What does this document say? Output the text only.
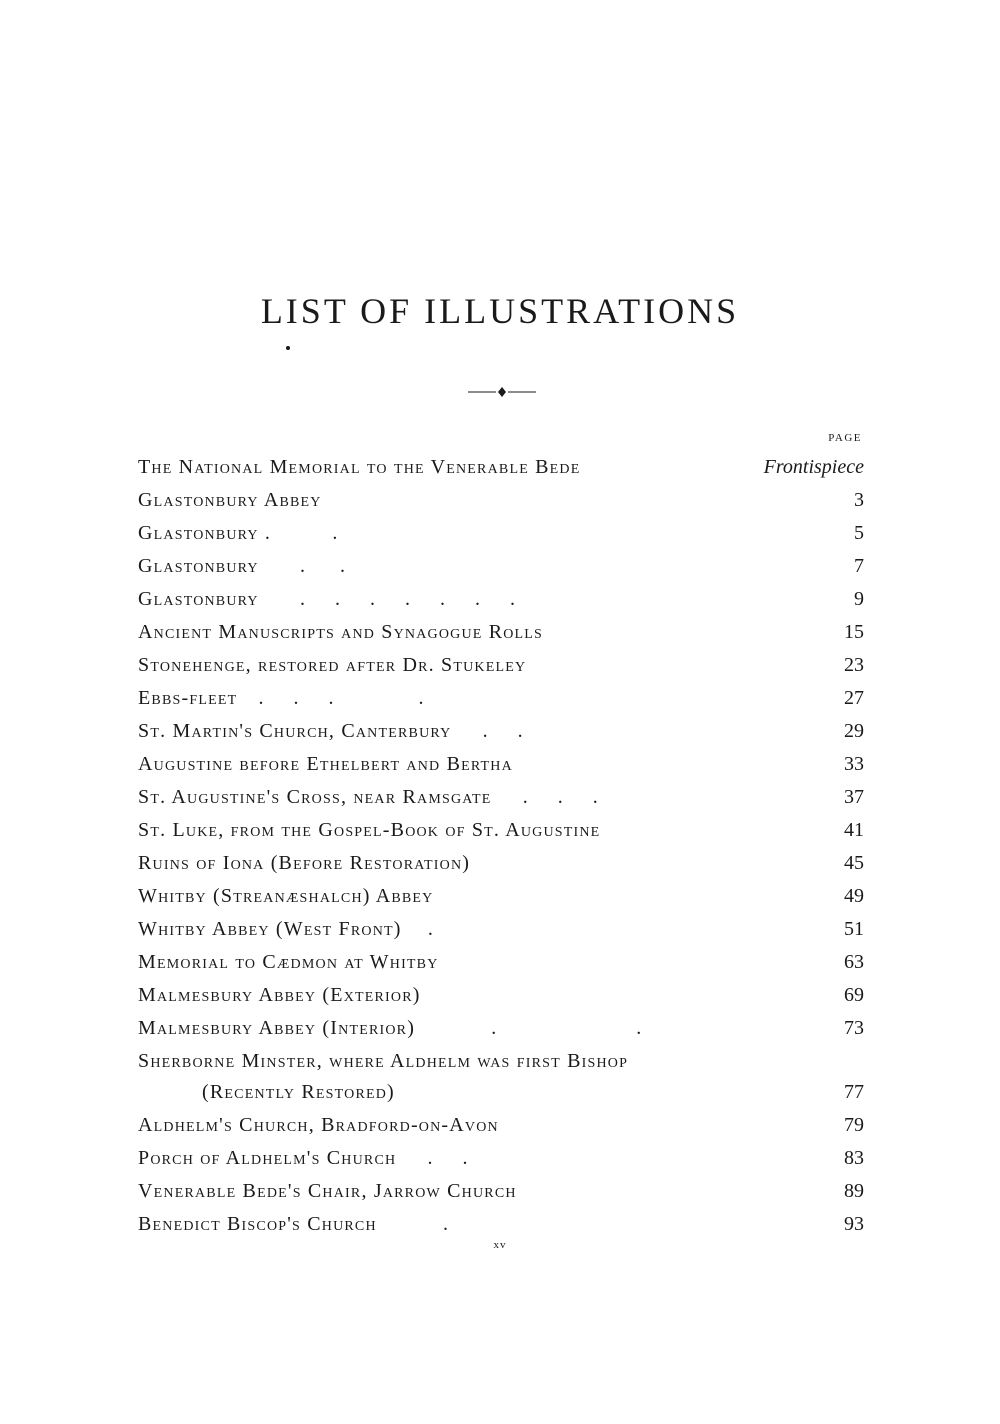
LIST OF ILLUSTRATIONS
PAGE
The National Memorial to the Venerable Bede	Frontispiece
Glastonbury Abbey	3
Glastonbury .            .	5
Glastonbury        .       .	7
Glastonbury        .      .      .      .      .      .      .	9
Ancient Manuscripts and Synagogue Rolls	15
Stonehenge, restored after Dr. Stukeley	23
Ebbs-fleet    .      .      .                 .	27
St. Martin's Church, Canterbury      .      .	29
Augustine before Ethelbert and Bertha	33
St. Augustine's Cross, near Ramsgate      .      .      .	37
St. Luke, from the Gospel-Book of St. Augustine	41
Ruins of Iona (Before Restoration)	45
Whitby (Streanæshalch) Abbey	49
Whitby Abbey (West Front)     .	51
Memorial to Cædmon at Whitby	63
Malmesbury Abbey (Exterior)	69
Malmesbury Abbey (Interior)               .                            .	73
Sherborne Minster, where Aldhelm was first Bishop
(Recently Restored)	77
Aldhelm's Church, Bradford-on-Avon	79
Porch of Aldhelm's Church      .      .	83
Venerable Bede's Chair, Jarrow Church	89
Benedict Biscop's Church             .	93
xv
